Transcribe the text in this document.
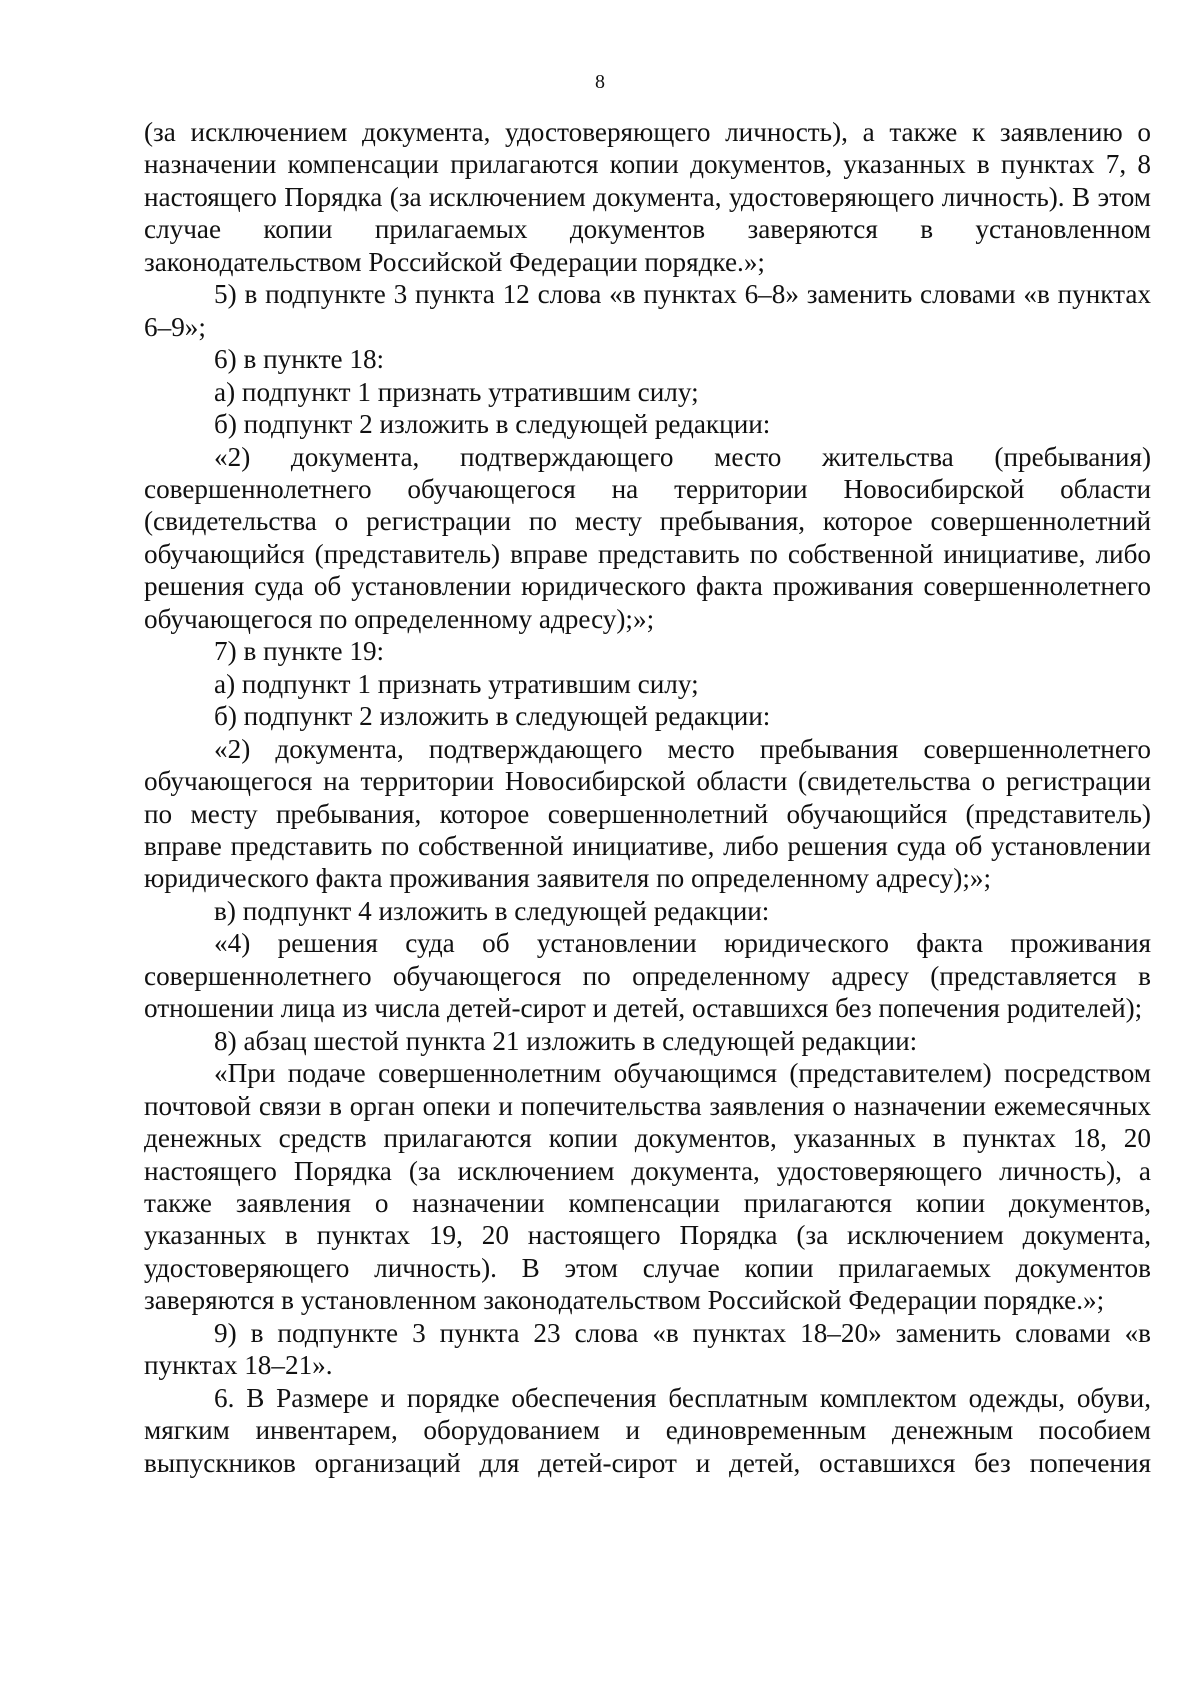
8

(за исключением документа, удостоверяющего личность), а также к заявлению о назначении компенсации прилагаются копии документов, указанных в пунктах 7, 8 настоящего Порядка (за исключением документа, удостоверяющего личность). В этом случае копии прилагаемых документов заверяются в установленном законодательством Российской Федерации порядке.»;

5) в подпункте 3 пункта 12 слова «в пунктах 6–8» заменить словами «в пунктах 6–9»;

6) в пункте 18:

а) подпункт 1 признать утратившим силу;

б) подпункт 2 изложить в следующей редакции:

«2) документа, подтверждающего место жительства (пребывания) совершеннолетнего обучающегося на территории Новосибирской области (свидетельства о регистрации по месту пребывания, которое совершеннолетний обучающийся (представитель) вправе представить по собственной инициативе, либо решения суда об установлении юридического факта проживания совершеннолетнего обучающегося по определенному адресу);»;

7) в пункте 19:

а) подпункт 1 признать утратившим силу;

б) подпункт 2 изложить в следующей редакции:

«2) документа, подтверждающего место пребывания совершеннолетнего обучающегося на территории Новосибирской области (свидетельства о регистрации по месту пребывания, которое совершеннолетний обучающийся (представитель) вправе представить по собственной инициативе, либо решения суда об установлении юридического факта проживания заявителя по определенному адресу);»;

в) подпункт 4 изложить в следующей редакции:

«4) решения суда об установлении юридического факта проживания совершеннолетнего обучающегося по определенному адресу (представляется в отношении лица из числа детей-сирот и детей, оставшихся без попечения родителей);

8) абзац шестой пункта 21 изложить в следующей редакции:

«При подаче совершеннолетним обучающимся (представителем) посредством почтовой связи в орган опеки и попечительства заявления о назначении ежемесячных денежных средств прилагаются копии документов, указанных в пунктах 18, 20 настоящего Порядка (за исключением документа, удостоверяющего личность), а также заявления о назначении компенсации прилагаются копии документов, указанных в пунктах 19, 20 настоящего Порядка (за исключением документа, удостоверяющего личность). В этом случае копии прилагаемых документов заверяются в установленном законодательством Российской Федерации порядке.»;

9) в подпункте 3 пункта 23 слова «в пунктах 18–20» заменить словами «в пунктах 18–21».

6. В Размере и порядке обеспечения бесплатным комплектом одежды, обуви, мягким инвентарем, оборудованием и единовременным денежным пособием выпускников организаций для детей-сирот и детей, оставшихся без попечения
